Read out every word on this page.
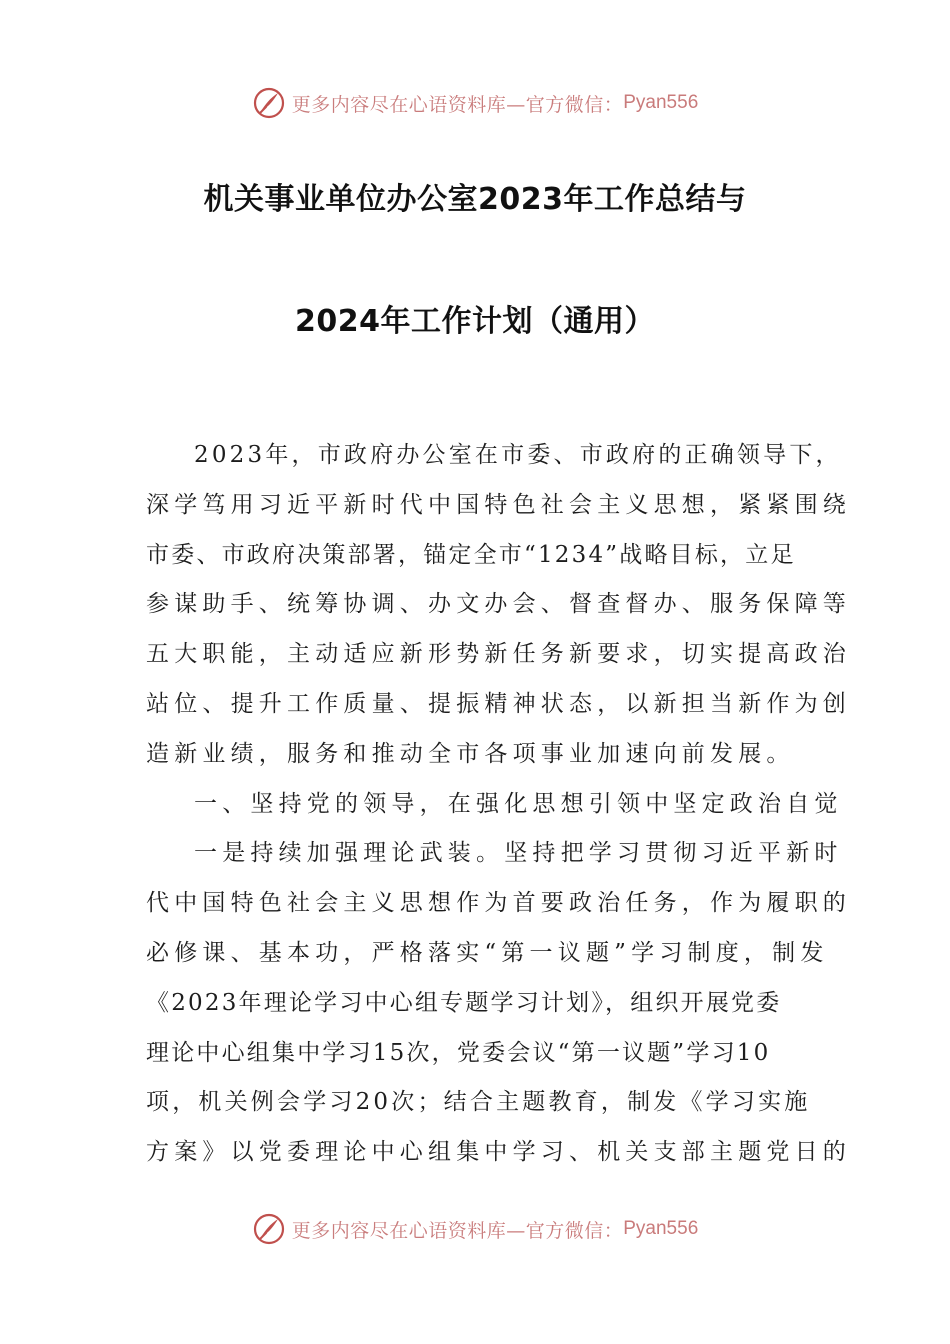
更多内容尽在心语资料库—官方微信： Pyan556
机关事业单位办公室2023年工作总结与
2024年工作计划（通用）
2023年，市政府办公室在市委、市政府的正确领导下，
深学笃用习近平新时代中国特色社会主义思想，紧紧围绕
市委、市政府决策部署，锚定全市“1234”战略目标，立足
参谋助手、统筹协调、办文办会、督查督办、服务保障等
五大职能，主动适应新形势新任务新要求，切实提高政治
站位、提升工作质量、提振精神状态，以新担当新作为创
造新业绩，服务和推动全市各项事业加速向前发展。
一、坚持党的领导，在强化思想引领中坚定政治自觉
一是持续加强理论武装。坚持把学习贯彻习近平新时
代中国特色社会主义思想作为首要政治任务，作为履职的
必修课、基本功，严格落实“第一议题”学习制度，制发
《2023年理论学习中心组专题学习计划》，组织开展党委
理论中心组集中学习15次，党委会议“第一议题”学习10
项，机关例会学习20次；结合主题教育，制发《学习实施
方案》以党委理论中心组集中学习、机关支部主题党日的
更多内容尽在心语资料库—官方微信： Pyan556
